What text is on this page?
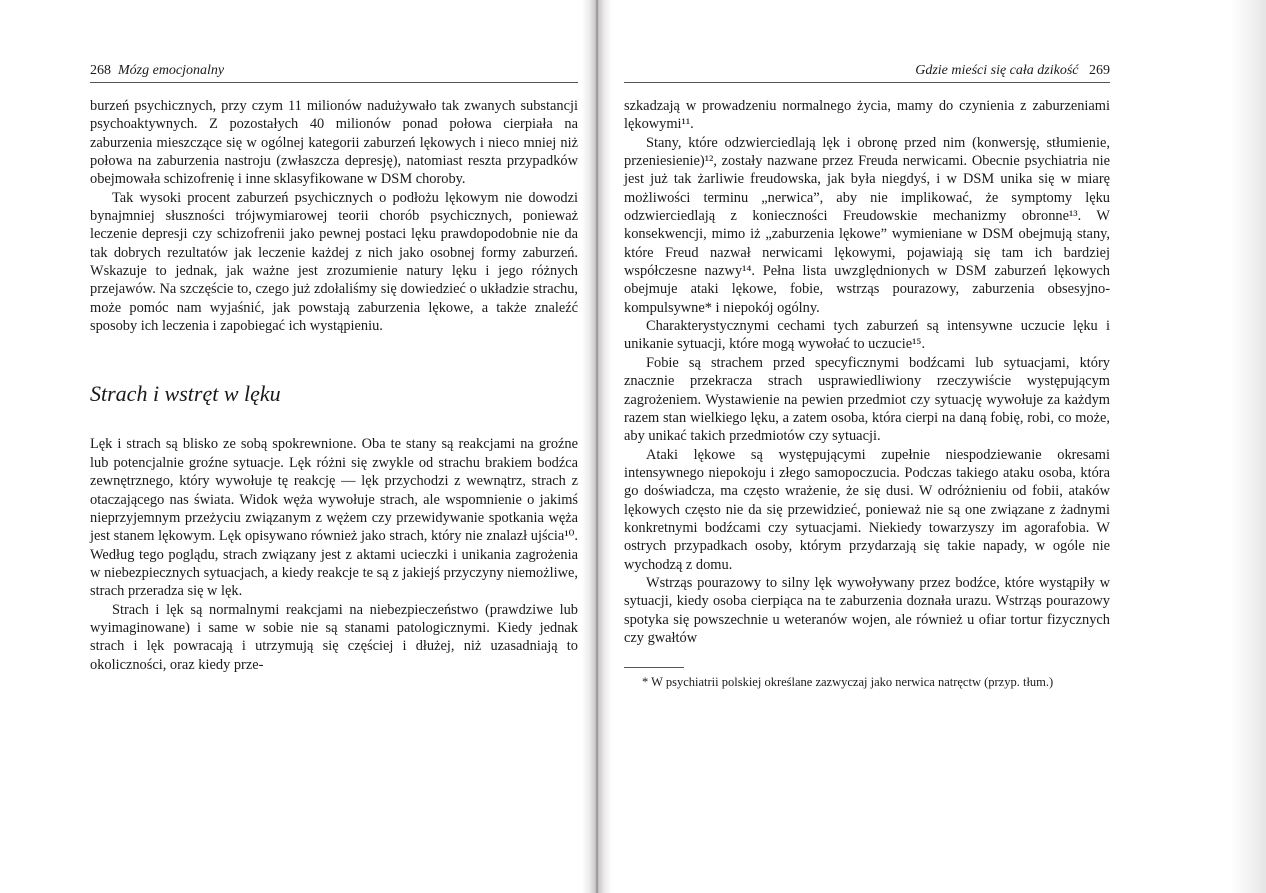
268 Mózg emocjonalny

burzeń psychicznych, przy czym 11 milionów nadużywało tak zwanych substancji psychoaktywnych. Z pozostałych 40 milionów ponad połowa cierpiała na zaburzenia mieszczące się w ogólnej kategorii zaburzeń lękowych i nieco mniej niż połowa na zaburzenia nastroju (zwłaszcza depresję), natomiast reszta przypadków obejmowała schizofrenię i inne sklasyfikowane w DSM choroby.

Tak wysoki procent zaburzeń psychicznych o podłożu lękowym nie dowodzi bynajmniej słuszności trójwymiarowej teorii chorób psychicznych, ponieważ leczenie depresji czy schizofrenii jako pewnej postaci lęku prawdopodobnie nie da tak dobrych rezultatów jak leczenie każdej z nich jako osobnej formy zaburzeń. Wskazuje to jednak, jak ważne jest zrozumienie natury lęku i jego różnych przejawów. Na szczęście to, czego już zdołaliśmy się dowiedzieć o układzie strachu, może pomóc nam wyjaśnić, jak powstają zaburzenia lękowe, a także znaleźć sposoby ich leczenia i zapobiegać ich wystąpieniu.

Strach i wstręt w lęku

Lęk i strach są blisko ze sobą spokrewnione. Oba te stany są reakcjami na groźne lub potencjalnie groźne sytuacje. Lęk różni się zwykle od strachu brakiem bodźca zewnętrznego, który wywołuje tę reakcję — lęk przychodzi z wewnątrz, strach z otaczającego nas świata. Widok węża wywołuje strach, ale wspomnienie o jakimś nieprzyjemnym przeżyciu związanym z wężem czy przewidywanie spotkania węża jest stanem lękowym. Lęk opisywano również jako strach, który nie znalazł ujścia¹⁰. Według tego poglądu, strach związany jest z aktami ucieczki i unikania zagrożenia w niebezpiecznych sytuacjach, a kiedy reakcje te są z jakiejś przyczyny niemożliwe, strach przeradza się w lęk.

Strach i lęk są normalnymi reakcjami na niebezpieczeństwo (prawdziwe lub wyimaginowane) i same w sobie nie są stanami patologicznymi. Kiedy jednak strach i lęk powracają i utrzymują się częściej i dłużej, niż uzasadniają to okoliczności, oraz kiedy prze-

Gdzie mieści się cała dzikość 269

szkadzają w prowadzeniu normalnego życia, mamy do czynienia z zaburzeniami lękowymi¹¹.

Stany, które odzwierciedlają lęk i obronę przed nim (konwersję, stłumienie, przeniesienie)¹², zostały nazwane przez Freuda nerwicami. Obecnie psychiatria nie jest już tak żarliwie freudowska, jak była niegdyś, i w DSM unika się w miarę możliwości terminu „nerwica”, aby nie implikować, że symptomy lęku odzwierciedlają z konieczności Freudowskie mechanizmy obronne¹³. W konsekwencji, mimo iż „zaburzenia lękowe” wymieniane w DSM obejmują stany, które Freud nazwał nerwicami lękowymi, pojawiają się tam ich bardziej współczesne nazwy¹⁴. Pełna lista uwzględnionych w DSM zaburzeń lękowych obejmuje ataki lękowe, fobie, wstrząs pourazowy, zaburzenia obsesyjno-kompulsywne* i niepokój ogólny.

Charakterystycznymi cechami tych zaburzeń są intensywne uczucie lęku i unikanie sytuacji, które mogą wywołać to uczucie¹⁵.

Fobie są strachem przed specyficznymi bodźcami lub sytuacjami, który znacznie przekracza strach usprawiedliwiony rzeczywiście występującym zagrożeniem. Wystawienie na pewien przedmiot czy sytuację wywołuje za każdym razem stan wielkiego lęku, a zatem osoba, która cierpi na daną fobię, robi, co może, aby unikać takich przedmiotów czy sytuacji.

Ataki lękowe są występującymi zupełnie niespodziewanie okresami intensywnego niepokoju i złego samopoczucia. Podczas takiego ataku osoba, która go doświadcza, ma często wrażenie, że się dusi. W odróżnieniu od fobii, ataków lękowych często nie da się przewidzieć, ponieważ nie są one związane z żadnymi konkretnymi bodźcami czy sytuacjami. Niekiedy towarzyszy im agorafobia. W ostrych przypadkach osoby, którym przydarzają się takie napady, w ogóle nie wychodzą z domu.

Wstrząs pourazowy to silny lęk wywoływany przez bodźce, które wystąpiły w sytuacji, kiedy osoba cierpiąca na te zaburzenia doznała urazu. Wstrząs pourazowy spotyka się powszechnie u weteranów wojen, ale również u ofiar tortur fizycznych czy gwałtów

* W psychiatrii polskiej określane zazwyczaj jako nerwica natręctw (przyp. tłum.)
